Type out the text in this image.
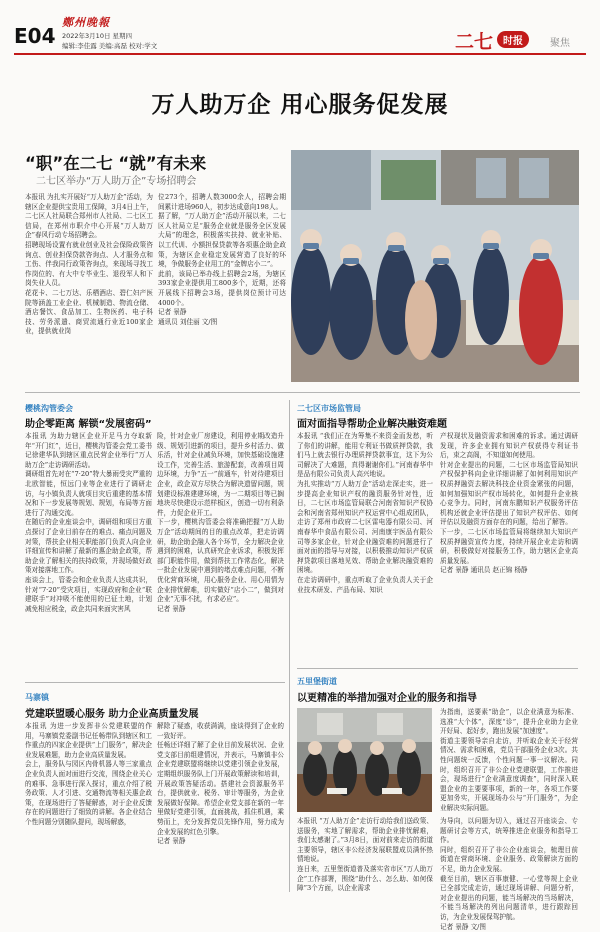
E04
鄭州晚報
2022年3月10日 星期四
编辑:李佳露 美编:高磊 校对:学文	二七 时报	聚焦
万人助万企 用心服务促发展
“职”在二七 “就”有未来
二七区举办“万人助万企”专场招聘会
本报讯 为扎实开展好“万人助万企”活动，为辖区企业提供宝贵用工保障，3月4日上午，二七区人社局联合郑州市人社局、二七区工信局，在郑州市职介中心开展“万人助万企”春风行动专场招聘会。
招聘现场设置有就业创业及社会保险政策咨询点、创业担保贷款咨询点、人才服务点和工伤、伴我同行政策咨询点，来现场寻找工作岗位的、有大中专毕业生、退役军人和下岗失业人员。
花花卡、二七万达、乐栖酒店、碧仁妇产医院等涵盖工业企业、机械制造、物流仓储、酒店餐饮、食品加工、生物医药、电子科技、劳务派遣、商贸流通行业近100家企业，提供就业岗
位273个，招聘人数3000余人，招聘会期间累计进场960人，初步达成意向198人。
据了解，“万人助万企”活动开展以来，二七区人社局立足“服务企业就是服务全区发展大局”的理念，积极落实扶持、就业补贴、以工代训、小额担保贷款等各项惠企助企政策，为辖区企业稳定发展营造了良好的环境，争做服务企业用工的“金牌店小二”。
此前，该局已举办线上招聘会2场，为辖区393家企业提供用工800多个，近期，还将开展线下招聘会3场，提供岗位预计可达4000个。
记者 景静
通讯员 刘佳丽 文/图
樱桃沟管委会
助企零距离 解锁“发展密码”
本报讯 为助力辖区企业开足马力夺取新年“开门红”，近日，樱桃沟管委会党工委书记徐建华队到辖区重点民营企业举行“万人助万企”走访调研活动。
调研组首先对在“7·20”特大暴雨受灾严重的北欧智能，恒远门业等企业进行了调研走访，与小镇负责人就项目灾后重建的基本情况和下一步发展等规划、规划，布局等方面进行了沟通交流。
在随后的企业座谈会中，调研组和项目方重点探讨了企业目前存在的难点、痛点问题及对策，帮扶企业相关职能部门负责人向企业详细宣传和讲解了最新的惠企助企政策，帮助企业了解相关的扶持政策，并现场做好政策对接落地工作。
座谈会上，管委会和企业负责人达成共识，针对“7·20”受灾项目，实现政府和企业“联建联手”对冲吸不能使用的已征土地，计划减免相应税金，政企共同来面灾害风
险，针对企业厂房建设，利用停业期改造升级、规划引进新的项目，提升乡村活力、做乐活，针对企业减负环境，加快基础设施建设工作，完善生活、旅游配套，改善项目周边环境，力争“五一”前通车，针对待建项目企业，政企双方尽快合为解决遗留问题，规划建设标准建建环境，为一二期项目等已搁地块尽快建设示范样板区，创造一切有利条件，力促企业开工。
下一步，樱桃沟管委会将准确把握“万人助万企”活动期间的目的重点改革，把走访调研，助企助企融人各个环节，全力解决企业遇到的困难，认真研究企业诉求，积极发挥部门职能作用，做到帮扶工作常态化，解决一批企业发展中遇到的堵点难点问题，不断优化营商环境，用心服务企业、用心用情为企业排忧解难，切实做好“店小二”，做到对企业“无事不扰，有求必应”。
记者 景静
马寨镇
党建联盟暖心服务 助力企业高质量发展
本报讯 为进一步发挥非公党建联盟的作用，马寨镇党委副书记任畅带队到辖区和工作重点的四家企业提供“上门服务”，解决企业发展难题，助力企业高质量发展。
会上，服务队与园区内骨机器人等三家重点企业负责人面对面进行交流，围绕企业关心的难事、急事进行深入探讨，重点介绍了税务政策、人才引进、交通物流等相关惠企政策，在现场进行了答疑解惑，对于企业反馈存在的问题进行了细致的讲解。各企业结合个性问题分别随队提问，现场解惑，
解除了疑惑，收获满满，座谈得到了企业的一致好评。
任畅还详细了解了企业目前发展状况、企业党支部目前组建情况，并表示，马寨镇非公企业党建联盟将继续以党建引领企业发展，定期组织服务队上门开展政策解读和培训，开展政策答疑活动。搭建社会资源服务平台，提供就业、税务、审计等服务，为企业发展做好保障。希望企业党支部在新的一年里做好党建引领，直面挑战，抓住机遇，乘势而上，充分发挥党员先锋作用，努力成为企业发展的红色引擎。
记者 景静
二七区市场监管局
面对面指导帮助企业解决融资难题
本报讯 “我们正在为筹集不来资金而发愁，听了你们的讲解，能用专利证书做质押贷款，我们马上就去银行办理质押贷款事宜，这下为公司解决了大难题，真得谢谢你们。”河南春华中是品有限公司负责人高兴地说。
为扎实推动“万人助万企”活动走深走实，进一步提高企业知识产权的融资服务针对性，近日，二七区市场监管局联合河南省知识产权协会和河南省郑州知识产权运营中心组成团队，走访了郑州市政府二七区雷电器有限公司、河南春华中食品有限公司、河南康宇医品有限公司等多家企业，针对企业融资难的问题进行了面对面的指导与对接，以积极推动知识产权质押贷款项目落地见效、帮助企业解决融资难的困境。
在走访调研中，重点听取了企业负责人关于企业技术研发、产品布局、知识
产权现状及融资需求和困难的诉求。通过调研发现，许多企业拥有知识产权获得专利证书后，束之高阁，不知道如何使用。
针对企业提出的问题，二七区市场监管局知识产权保护科向企业详细讲解了如何利用知识产权质押融资去解决科技企业资金紧张的问题，如何加强知识产权市场转化，如何提升企业核心竞争力。同时，河南东鹏知识产权服务评估机构还就企业评估提出了知识产权评估、如何评估以及融资方面存在的问题，给出了解答。
下一步，二七区市场监管局将继续加大知识产权质押融资宣传力度，持续开展企业走访和调研，积极做好对接服务工作，助力辖区企业高质量发展。
记者 景静 通讯员 赵正锦 杨静
五里堡街道
以更精准的举措加强对企业的服务和指导
为指南，送要素“助企”，以企业满意为标准、选准“大个体”，深度“诊”，提升企业助力企业开好局、起好步，跑出发展“加速度”。
街道主要领导亲自走访，并听取企业关于经营情况、需求和困难，党员干部服务企业3次。共性问题统一反馈，个性问题一事一议解决。同时，组织召开了非公企业党建联盟，工作推进会，现场进行“企业满意度调查”，同时深入联盟企业的主要要事项，新的一年，各项工作要更加务实，开展现场办公与“开门服务”，为企业解决实际问题。
本报讯 “万人助万企”走访行动给我们送政策、送服务，实地了解需求，帮助企业排忧解难，我们太感谢了。”3月8日，面对前来走访的街道主要领导，辖区非公经济发展联盟成员满怀热情地说。
连日来，五里堡街道普及落实省市区“万人助万企”工作部署，围绕“助什么、怎么助、如何保障”3个方面，以企业需求
为导向，以问题为切入，通过召开座谈会、专题研讨会等方式，统筹推进企业服务和指导工作。
同时，组织召开了非公企业座谈会，梳理目前街道在营商环境、企业服务、政策解读方面的不足，助力企业发展。
截至目前，辖区百事康健、一心堂等规上企业已全部完成走访，通过现场讲解、问题分析，对企业提出的问题，能当场解决的当场解决，不能当场解决的列出问题清单，进行跟踪回访，为企业发展保驾护航。
记者 景静 文/图
